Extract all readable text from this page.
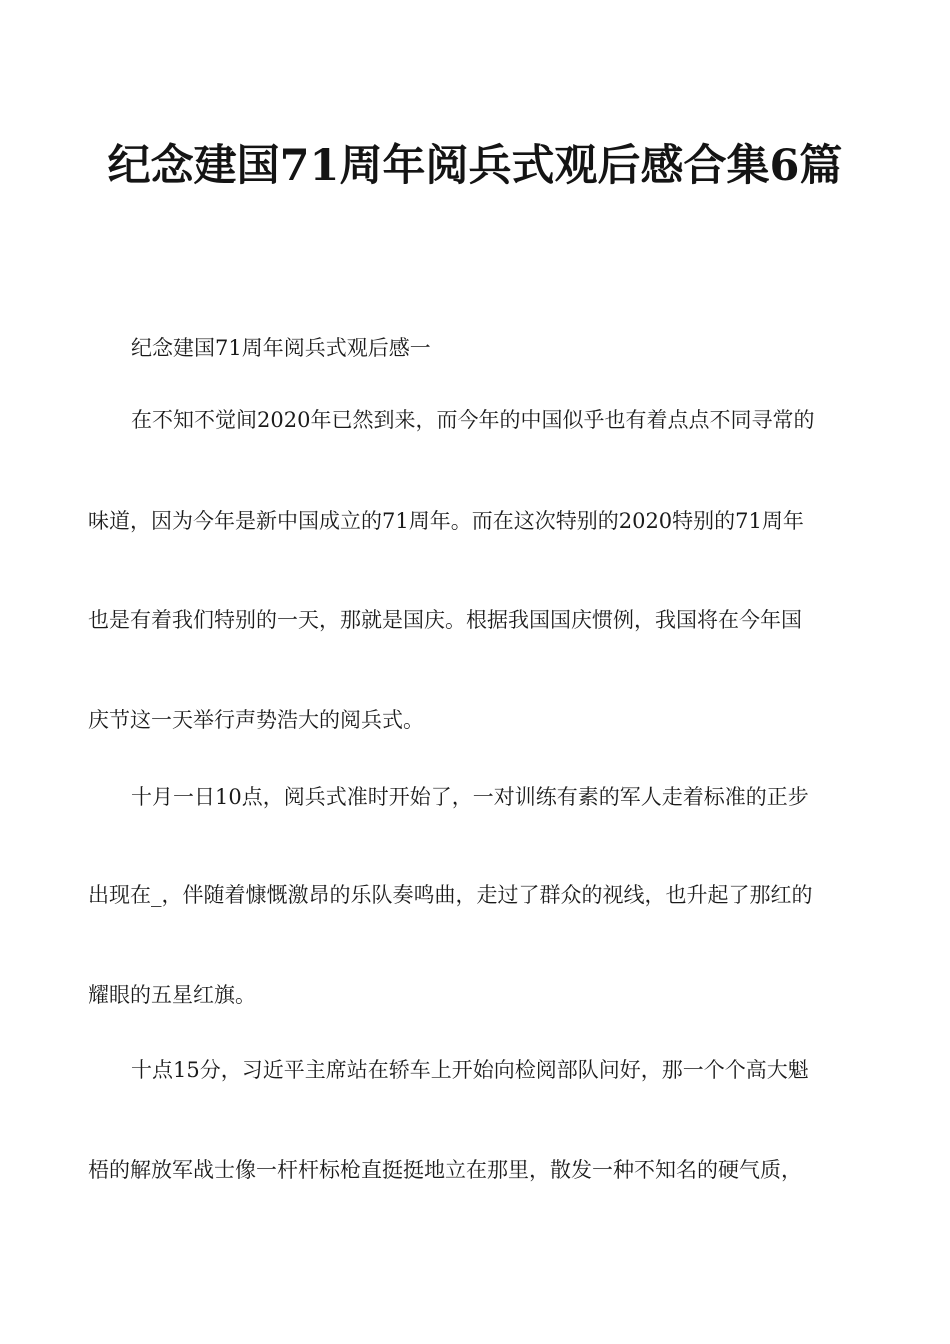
纪念建国71周年阅兵式观后感合集6篇

纪念建国71周年阅兵式观后感一

在不知不觉间2020年已然到来，而今年的中国似乎也有着点点不同寻常的

味道，因为今年是新中国成立的71周年。而在这次特别的2020特别的71周年

也是有着我们特别的一天，那就是国庆。根据我国国庆惯例，我国将在今年国

庆节这一天举行声势浩大的阅兵式。

十月一日10点，阅兵式准时开始了，一对训练有素的军人走着标准的正步

出现在_，伴随着慷慨激昂的乐队奏鸣曲，走过了群众的视线，也升起了那红的

耀眼的五星红旗。

十点15分，习近平主席站在轿车上开始向检阅部队问好，那一个个高大魁

梧的解放军战士像一杆杆标枪直挺挺地立在那里，散发一种不知名的硬气质，
